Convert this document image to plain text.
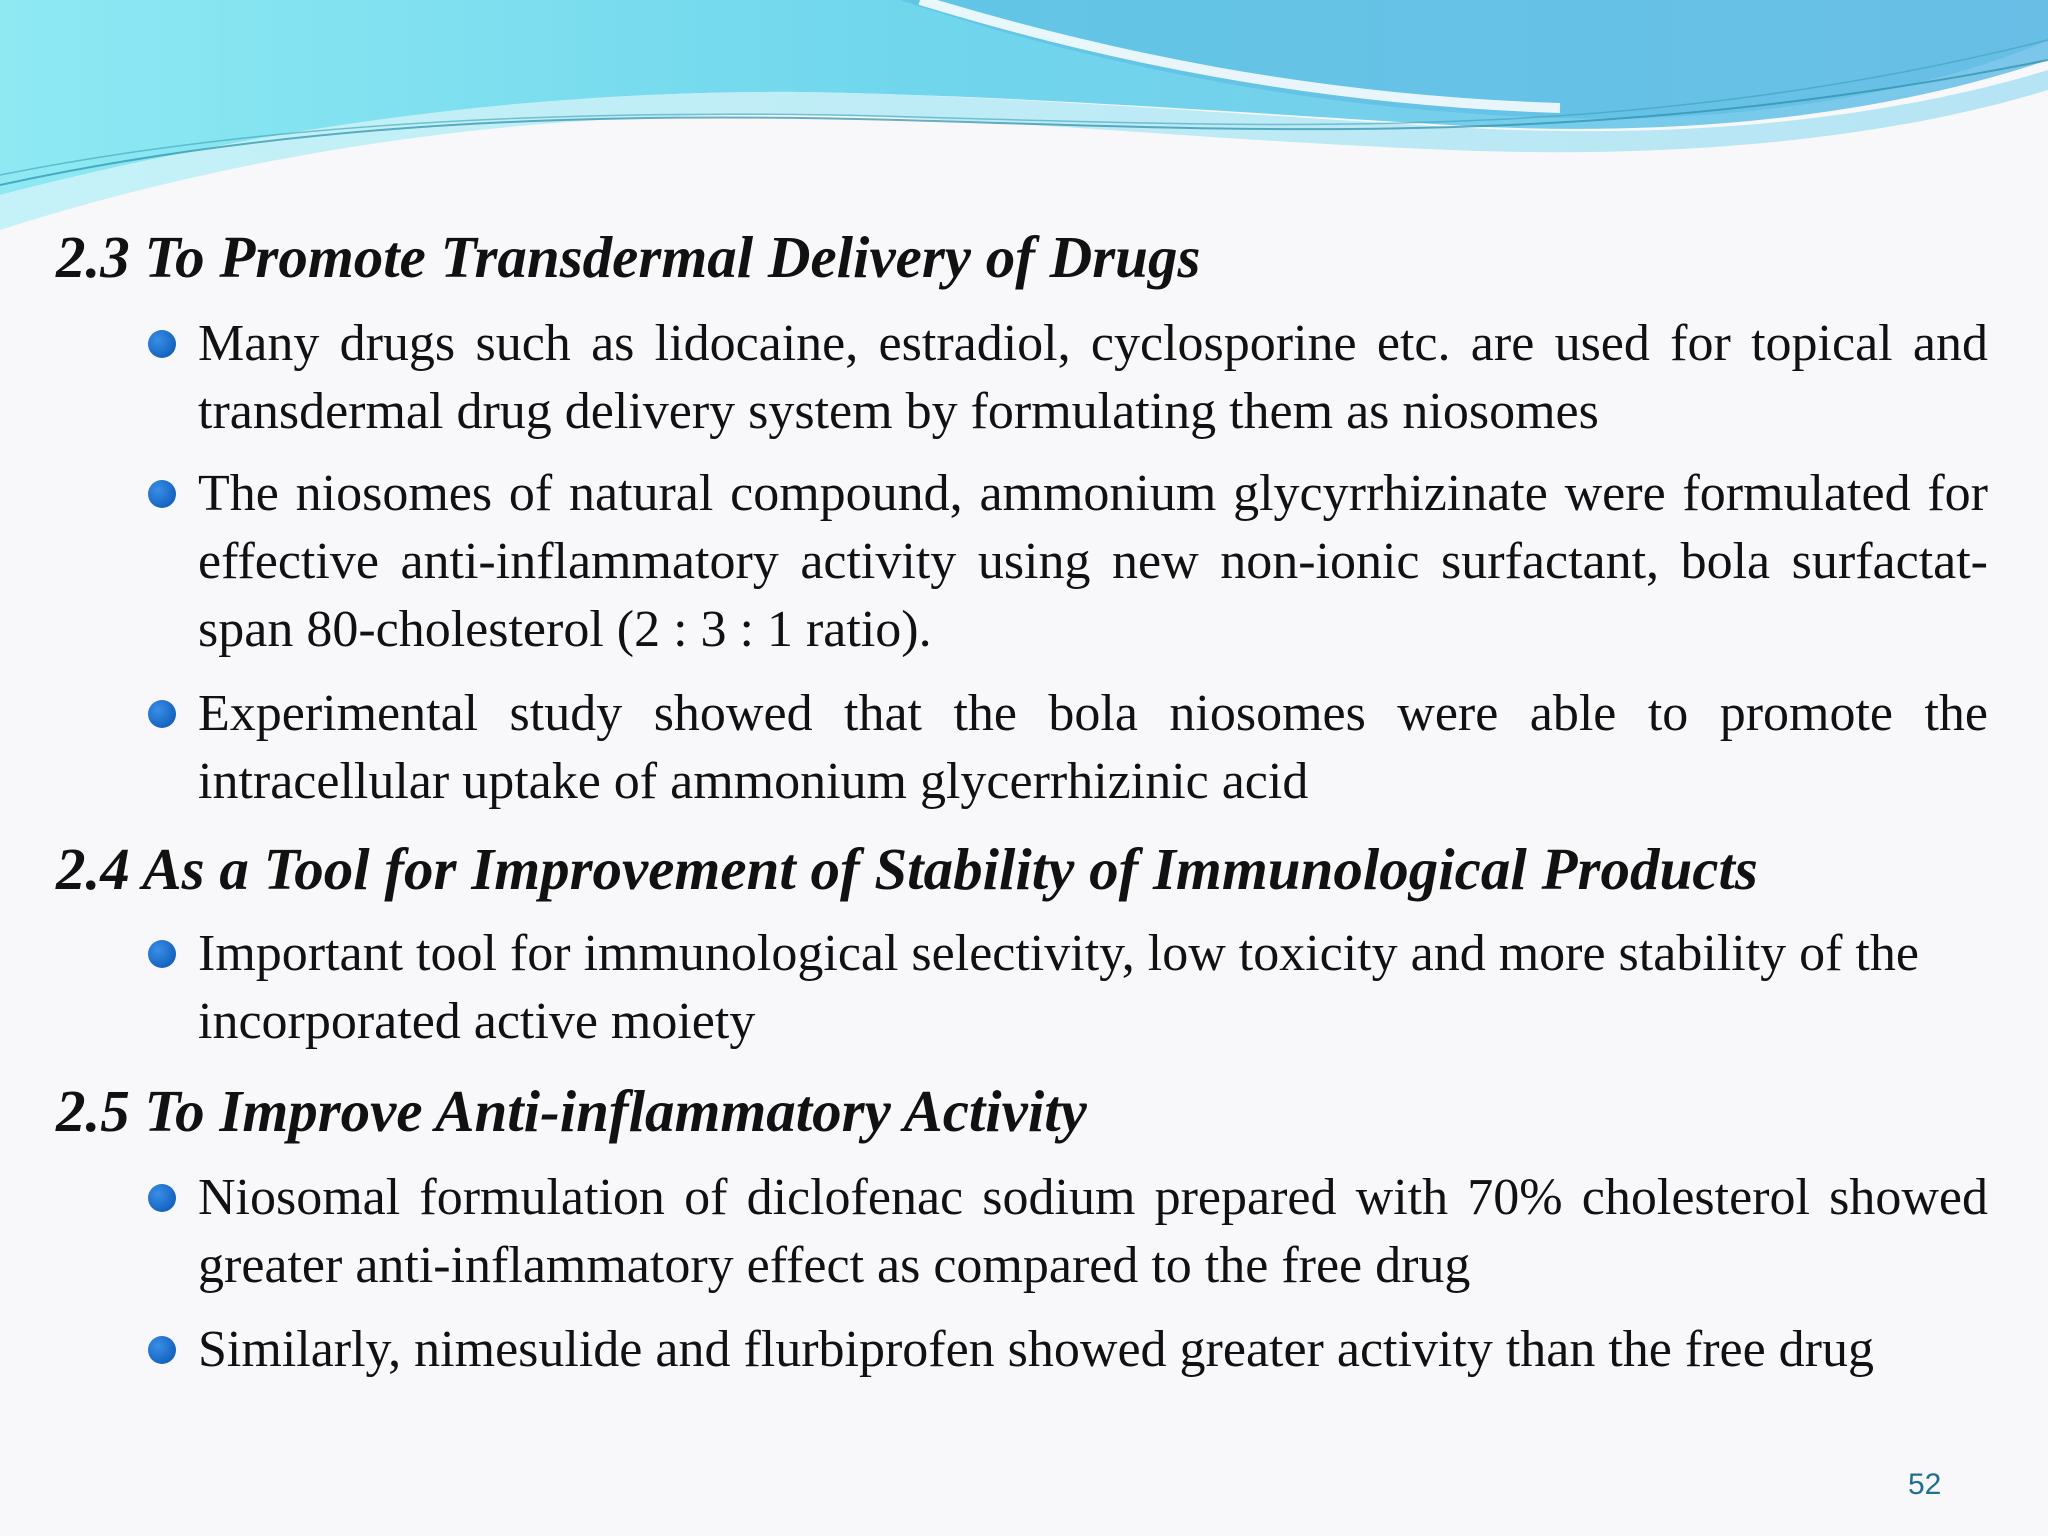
2.3 To Promote Transdermal Delivery of Drugs

Many drugs such as lidocaine, estradiol, cyclosporine etc. are used for topical and transdermal drug delivery system by formulating them as niosomes

The niosomes of natural compound, ammonium glycyrrhizinate were formulated for effective anti-inflammatory activity using new non-ionic surfactant, bola surfactat-span 80-cholesterol (2 : 3 : 1 ratio).

Experimental study showed that the bola niosomes were able to promote the intracellular uptake of ammonium glycerrhizinic acid

2.4 As a Tool for Improvement of Stability of Immunological Products

Important tool for immunological selectivity, low toxicity and more stability of the incorporated active moiety

2.5 To Improve Anti-inflammatory Activity

Niosomal formulation of diclofenac sodium prepared with 70% cholesterol showed greater anti-inflammatory effect as compared to the free drug

Similarly, nimesulide and flurbiprofen showed greater activity than the free drug

52
